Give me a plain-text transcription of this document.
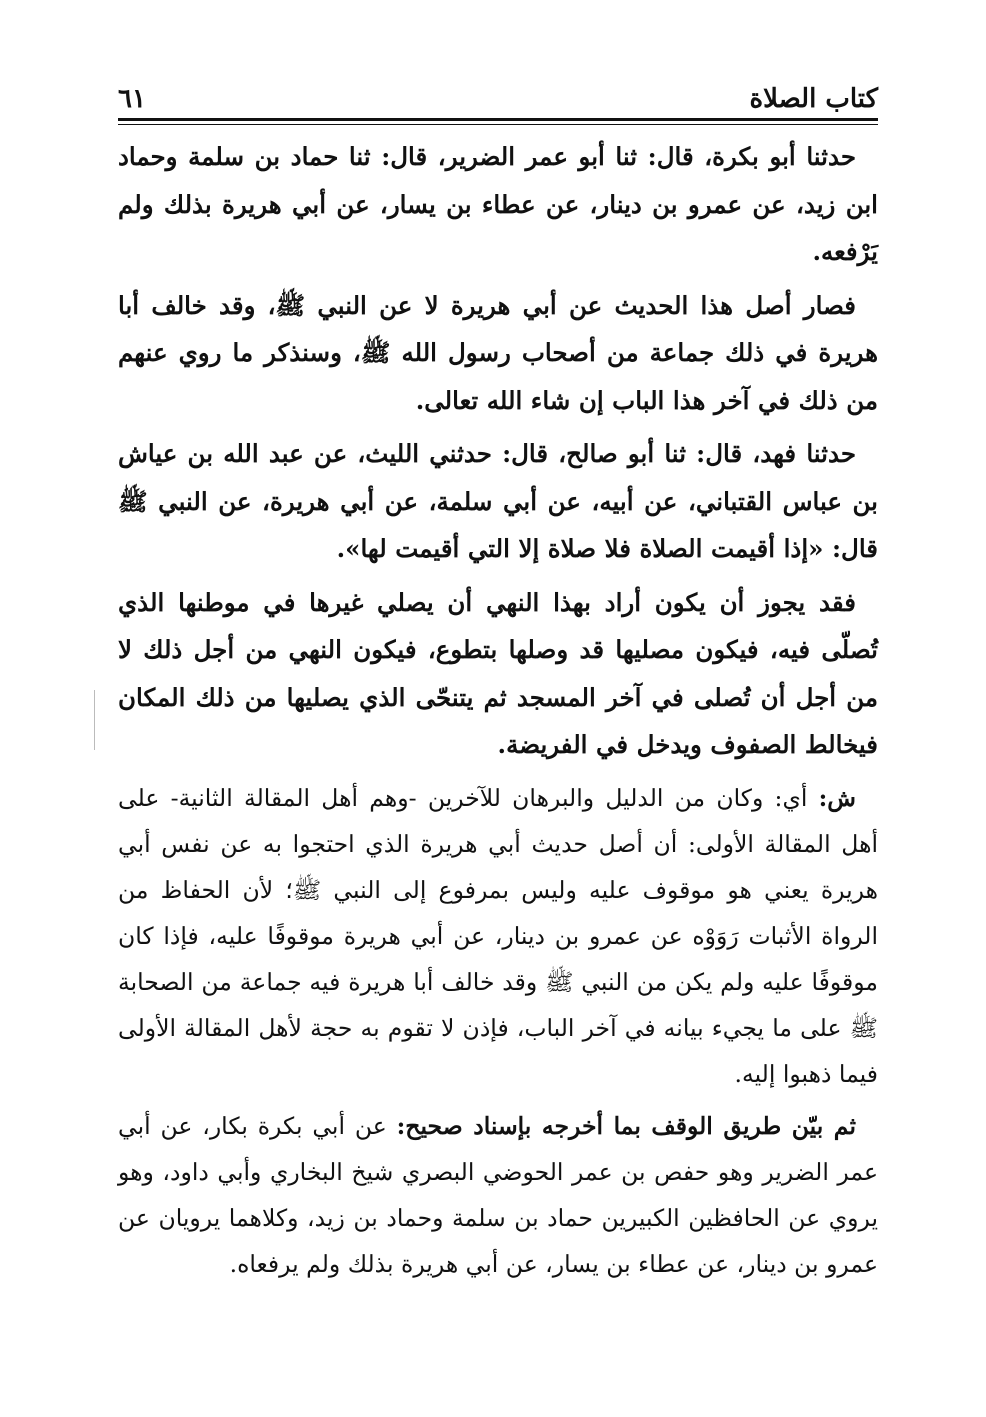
كتاب الصلاة
٦١

حدثنا أبو بكرة، قال: ثنا أبو عمر الضرير، قال: ثنا حماد بن سلمة وحماد ابن زيد، عن عمرو بن دينار، عن عطاء بن يسار، عن أبي هريرة بذلك ولم يَرْفعه.

فصار أصل هذا الحديث عن أبي هريرة لا عن النبي ﷺ، وقد خالف أبا هريرة في ذلك جماعة من أصحاب رسول الله ﷺ، وسنذكر ما روي عنهم من ذلك في آخر هذا الباب إن شاء الله تعالى.

حدثنا فهد، قال: ثنا أبو صالح، قال: حدثني الليث، عن عبد الله بن عياش بن عباس القتباني، عن أبيه، عن أبي سلمة، عن أبي هريرة، عن النبي ﷺ قال: «إذا أقيمت الصلاة فلا صلاة إلا التي أقيمت لها».

فقد يجوز أن يكون أراد بهذا النهي أن يصلي غيرها في موطنها الذي تُصلّى فيه، فيكون مصليها قد وصلها بتطوع، فيكون النهي من أجل ذلك لا من أجل أن تُصلى في آخر المسجد ثم يتنحّى الذي يصليها من ذلك المكان فيخالط الصفوف ويدخل في الفريضة.

ش: أي: وكان من الدليل والبرهان للآخرين -وهم أهل المقالة الثانية- على أهل المقالة الأولى: أن أصل حديث أبي هريرة الذي احتجوا به عن نفس أبي هريرة يعني هو موقوف عليه وليس بمرفوع إلى النبي ﷺ؛ لأن الحفاظ من الرواة الأثبات رَوَوْه عن عمرو بن دينار، عن أبي هريرة موقوفًا عليه، فإذا كان موقوفًا عليه ولم يكن من النبي ﷺ وقد خالف أبا هريرة فيه جماعة من الصحابة ﷺ على ما يجيء بيانه في آخر الباب، فإذن لا تقوم به حجة لأهل المقالة الأولى فيما ذهبوا إليه.

ثم بيّن طريق الوقف بما أخرجه بإسناد صحيح: عن أبي بكرة بكار، عن أبي عمر الضرير وهو حفص بن عمر الحوضي البصري شيخ البخاري وأبي داود، وهو يروي عن الحافظين الكبيرين حماد بن سلمة وحماد بن زيد، وكلاهما يرويان عن عمرو بن دينار، عن عطاء بن يسار، عن أبي هريرة بذلك ولم يرفعاه.
